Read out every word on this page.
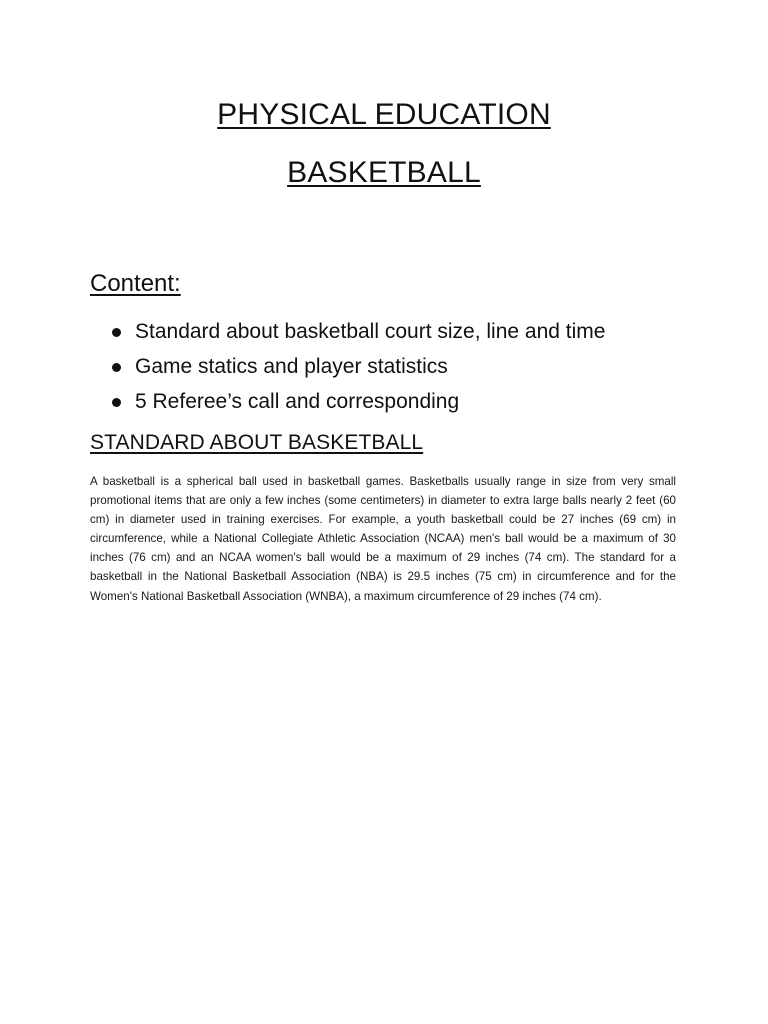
PHYSICAL EDUCATION
BASKETBALL
Content:
Standard about basketball court size, line and time
Game statics and player statistics
5 Referee’s call and corresponding
STANDARD ABOUT BASKETBALL

A basketball is a spherical ball used in basketball games. Basketballs usually range in size from very small promotional items that are only a few inches (some centimeters) in diameter to extra large balls nearly 2 feet (60 cm) in diameter used in training exercises. For example, a youth basketball could be 27 inches (69 cm) in circumference, while a National Collegiate Athletic Association (NCAA) men's ball would be a maximum of 30 inches (76 cm) and an NCAA women's ball would be a maximum of 29 inches (74 cm). The standard for a basketball in the National Basketball Association (NBA) is 29.5 inches (75 cm) in circumference and for the Women's National Basketball Association (WNBA), a maximum circumference of 29 inches (74 cm).
